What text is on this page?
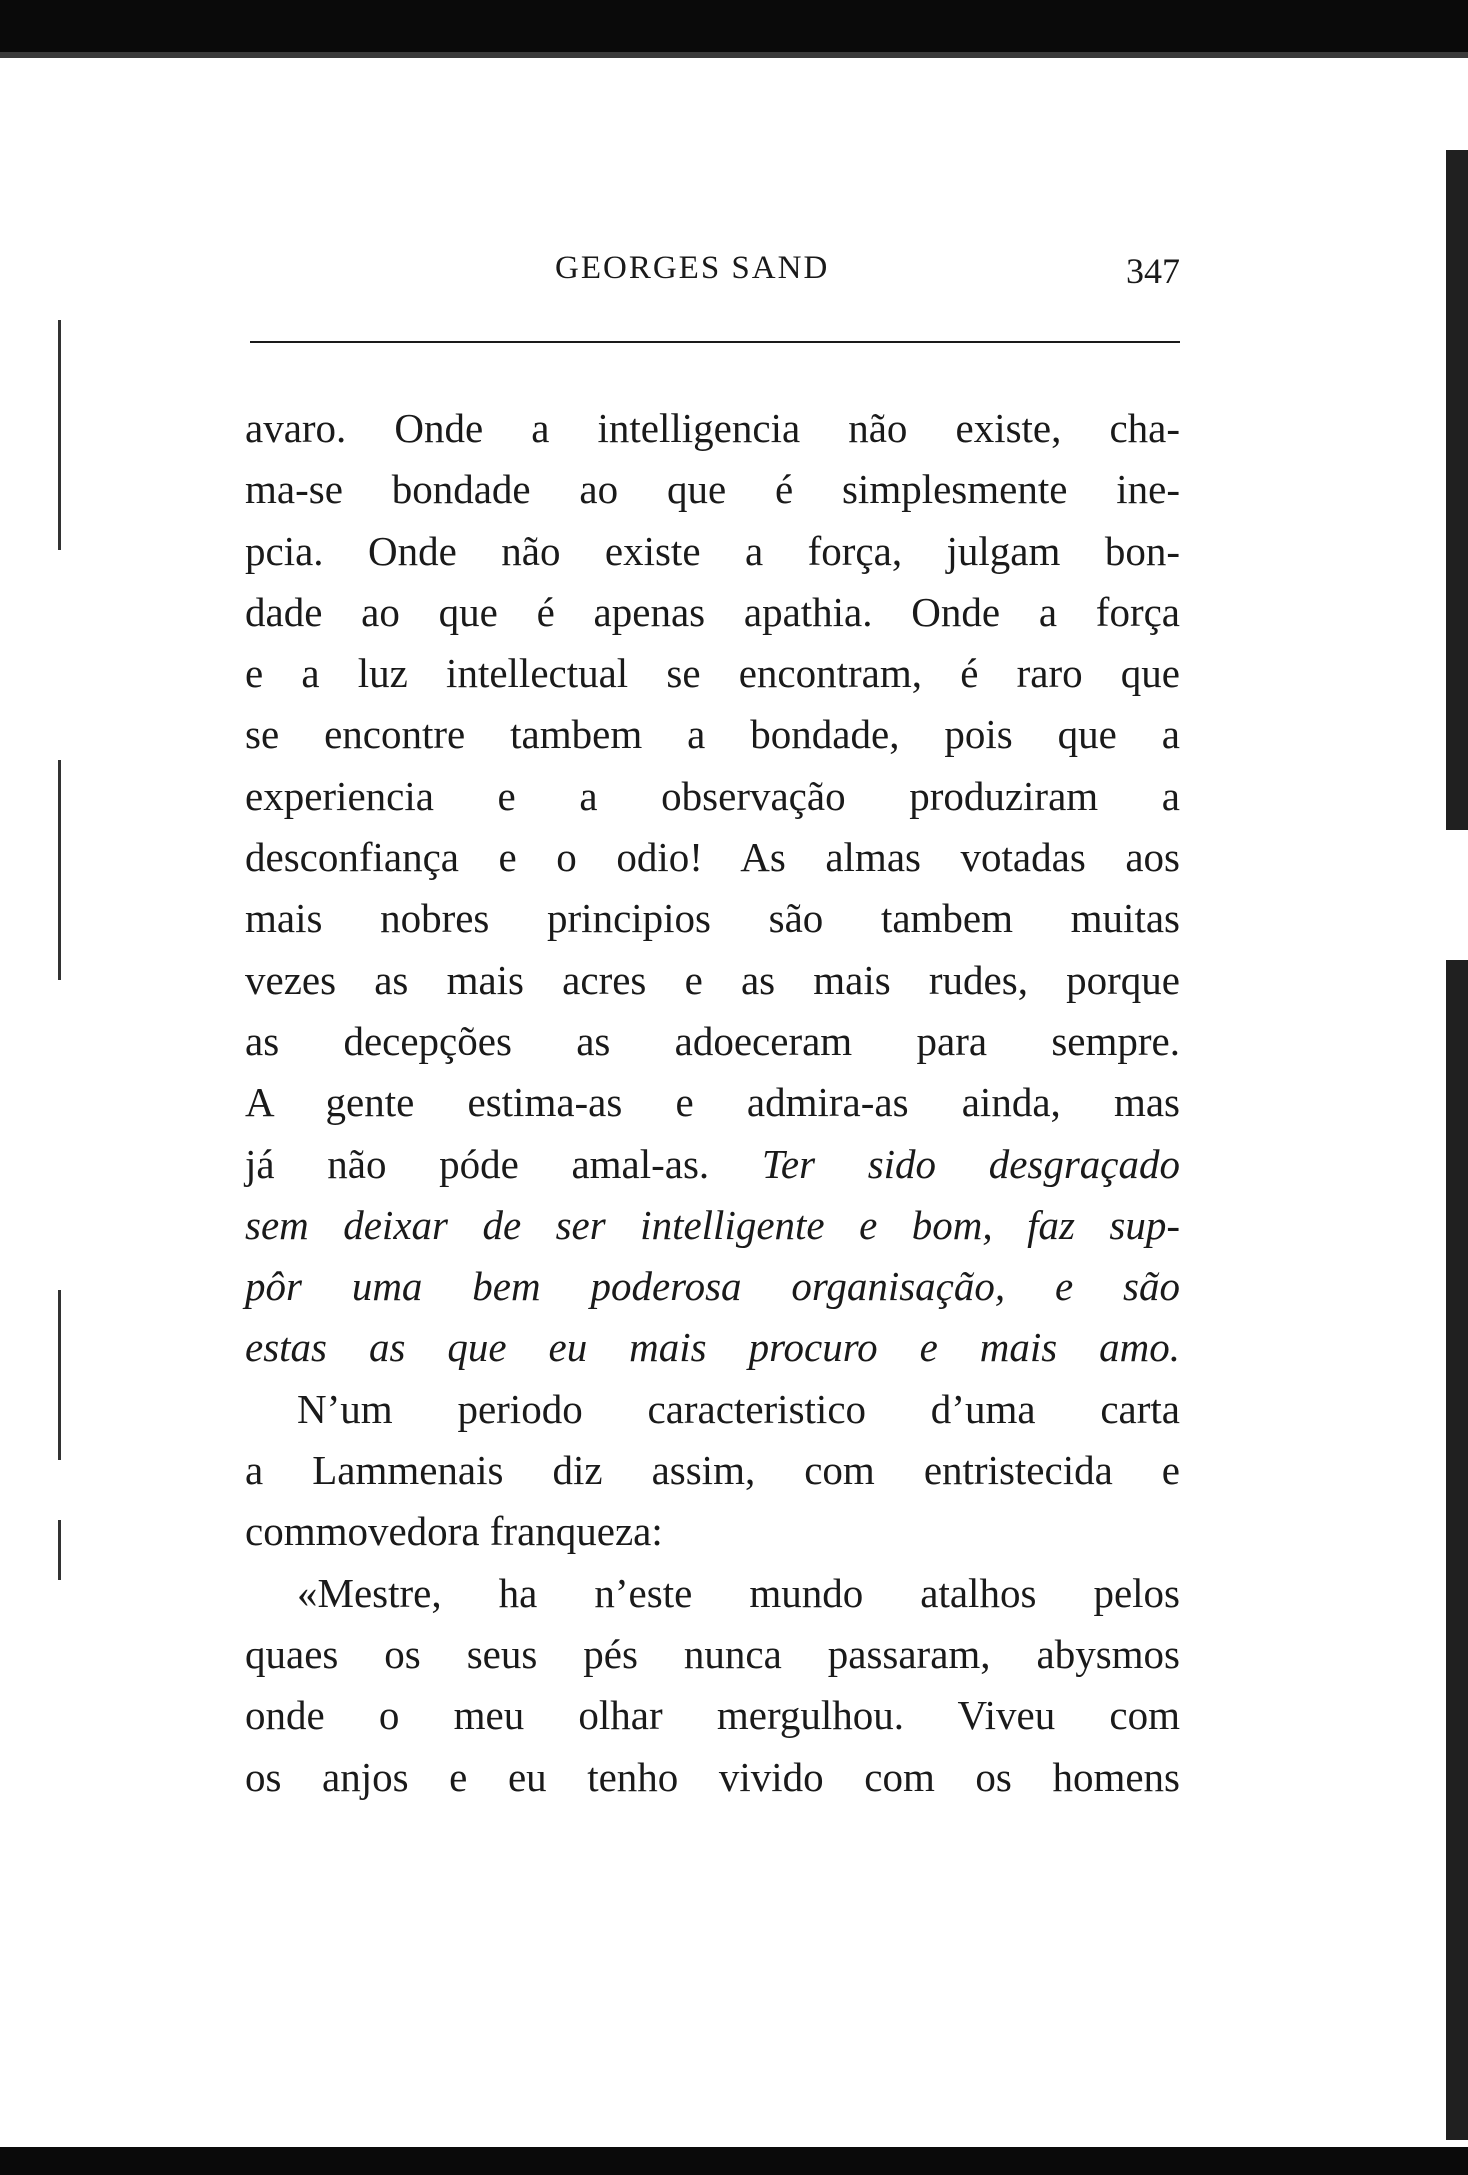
GEORGES SAND	347
avaro. Onde a intelligencia não existe, cha-
ma-se bondade ao que é simplesmente ine-
pcia. Onde não existe a força, julgam bon-
dade ao que é apenas apathia. Onde a força
e a luz intellectual se encontram, é raro que
se encontre tambem a bondade, pois que a
experiencia e a observação produziram a
desconfiança e o odio! As almas votadas aos
mais nobres principios são tambem muitas
vezes as mais acres e as mais rudes, porque
as decepções as adoeceram para sempre.
A gente estima-as e admira-as ainda, mas
já não póde amal-as. Ter sido desgraçado
sem deixar de ser intelligente e bom, faz sup-
pôr uma bem poderosa organisação, e são
estas as que eu mais procuro e mais amo.
N’um periodo caracteristico d’uma carta
a Lammenais diz assim, com entristecida e
commovedora franqueza:
«Mestre, ha n’este mundo atalhos pelos
quaes os seus pés nunca passaram, abysmos
onde o meu olhar mergulhou. Viveu com
os anjos e eu tenho vivido com os homens
